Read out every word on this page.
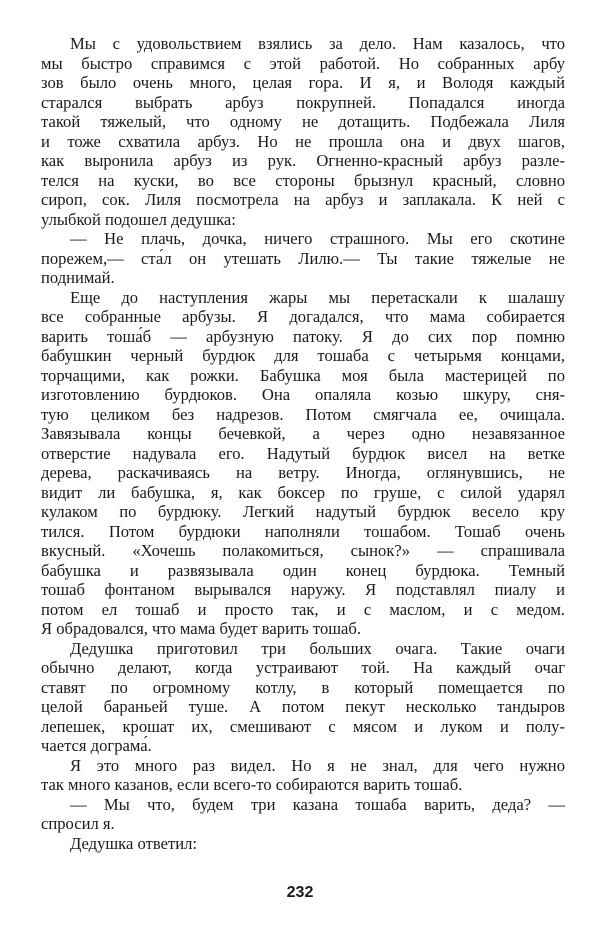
Мы с удовольствием взялись за дело. Нам казалось, что
мы быстро справимся с этой работой. Но собранных арбу
зов было очень много, целая гора. И я, и Володя каждый
старался выбрать арбуз покрупней. Попадался иногда
такой тяжелый, что одному не дотащить. Подбежала Лиля
и тоже схватила арбуз. Но не прошла она и двух шагов,
как выронила арбуз из рук. Огненно-красный арбуз разле-
телся на куски, во все стороны брызнул красный, словно
сироп, сок. Лиля посмотрела на арбуз и заплакала. К ней с
улыбкой подошел дедушка:
— Не плачь, дочка, ничего страшного. Мы его скотине
порежем,— ста́л он утешать Лилю.— Ты такие тяжелые не
поднимай.
Еще до наступления жары мы перетаскали к шалашу
все собранные арбузы. Я догадался, что мама собирается
варить тоша́б — арбузную патоку. Я до сих пор помню
бабушкин черный бурдюк для тошаба с четырьмя концами,
торчащими, как рожки. Бабушка моя была мастерицей по
изготовлению бурдюков. Она опаляла козью шкуру, сня-
тую целиком без надрезов. Потом смягчала ее, очищала.
Завязывала концы бечевкой, а через одно незавязанное
отверстие надувала его. Надутый бурдюк висел на ветке
дерева, раскачиваясь на ветру. Иногда, оглянувшись, не
видит ли бабушка, я, как боксер по груше, с силой ударял
кулаком по бурдюку. Легкий надутый бурдюк весело кру
тился. Потом бурдюки наполняли тошабом. Тошаб очень
вкусный. «Хочешь полакомиться, сынок?» — спрашивала
бабушка и развязывала один конец бурдюка. Темный
тошаб фонтаном вырывался наружу. Я подставлял пиалу и
потом ел тошаб и просто так, и с маслом, и с медом.
Я обрадовался, что мама будет варить тошаб.
Дедушка приготовил три больших очага. Такие очаги
обычно делают, когда устраивают той. На каждый очаг
ставят по огромному котлу, в который помещается по
целой бараньей туше. А потом пекут несколько тандыров
лепешек, крошат их, смешивают с мясом и луком и полу-
чается дограма́.
Я это много раз видел. Но я не знал, для чего нужно
так много казанов, если всего-то собираются варить тошаб.
— Мы что, будем три казана тошаба варить, деда? —
спросил я.
Дедушка ответил:
232
